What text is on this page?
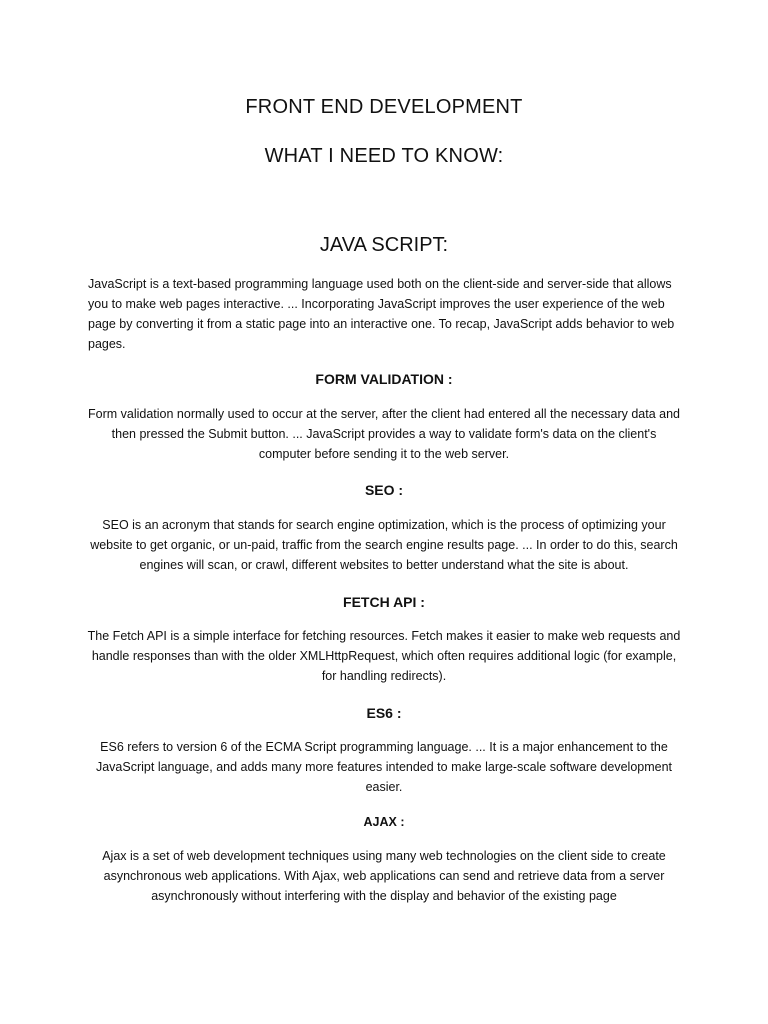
FRONT END DEVELOPMENT
WHAT I NEED TO KNOW:
JAVA SCRIPT:
JavaScript is a text-based programming language used both on the client-side and server-side that allows you to make web pages interactive. ... Incorporating JavaScript improves the user experience of the web page by converting it from a static page into an interactive one. To recap, JavaScript adds behavior to web pages.
FORM VALIDATION :
Form validation normally used to occur at the server, after the client had entered all the necessary data and then pressed the Submit button. ... JavaScript provides a way to validate form's data on the client's computer before sending it to the web server.
SEO :
SEO is an acronym that stands for search engine optimization, which is the process of optimizing your website to get organic, or un-paid, traffic from the search engine results page. ... In order to do this, search engines will scan, or crawl, different websites to better understand what the site is about.
FETCH API :
The Fetch API is a simple interface for fetching resources. Fetch makes it easier to make web requests and handle responses than with the older XMLHttpRequest, which often requires additional logic (for example, for handling redirects).
ES6 :
ES6 refers to version 6 of the ECMA Script programming language. ... It is a major enhancement to the JavaScript language, and adds many more features intended to make large-scale software development easier.
AJAX :
Ajax is a set of web development techniques using many web technologies on the client side to create asynchronous web applications. With Ajax, web applications can send and retrieve data from a server asynchronously without interfering with the display and behavior of the existing page
